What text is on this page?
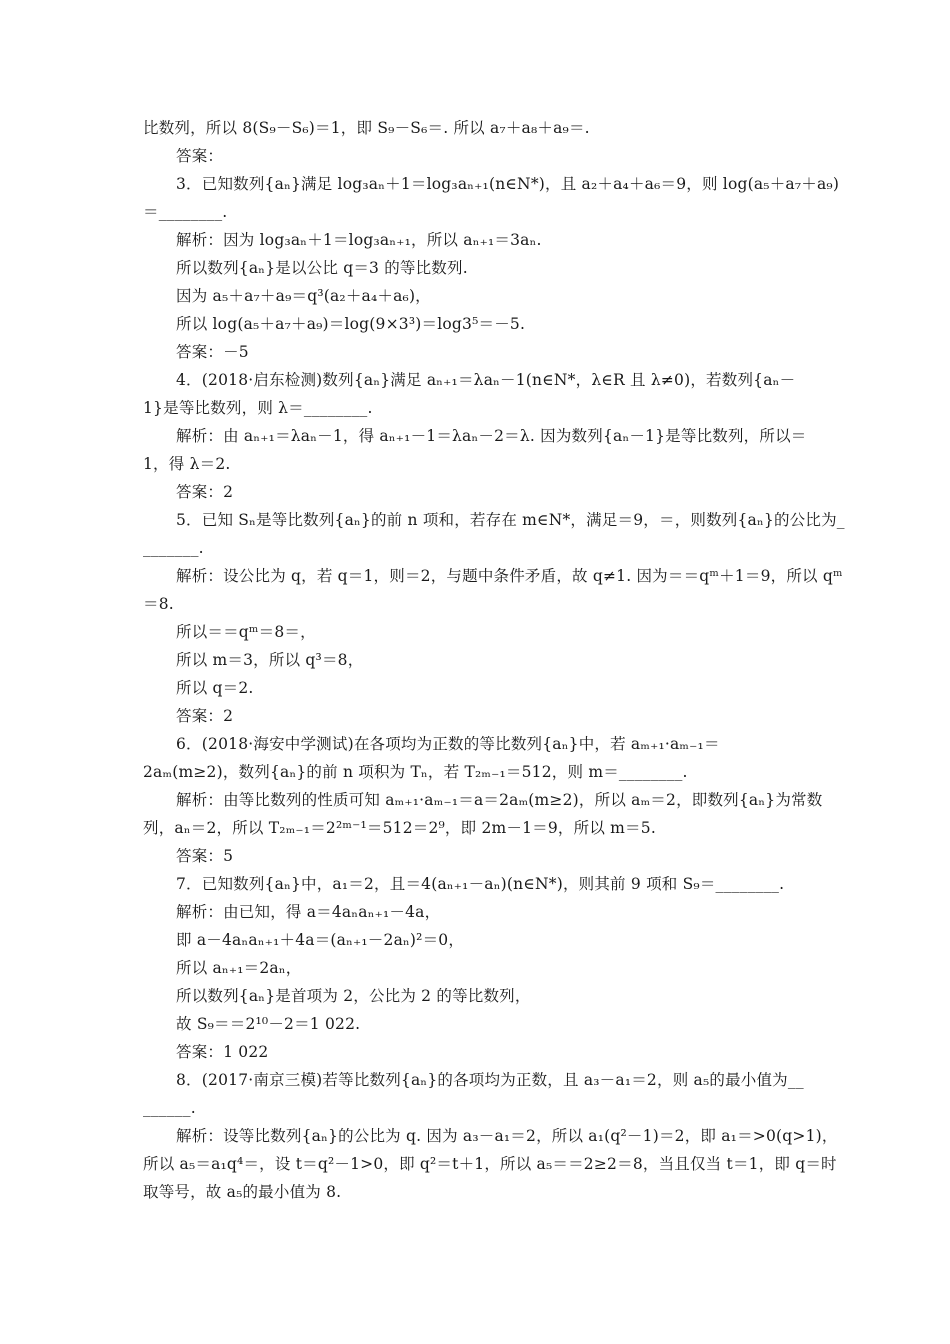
比数列，所以 8(S₉－S₆)＝1，即 S₉－S₆＝. 所以 a₇＋a₈＋a₉＝.
答案：
3．已知数列{aₙ}满足 log₃aₙ＋1＝log₃aₙ₊₁(n∈N*)，且 a₂＋a₄＋a₆＝9，则 log(a₅＋a₇＋a₉)
＝________.
解析：因为 log₃aₙ＋1＝log₃aₙ₊₁，所以 aₙ₊₁＝3aₙ.
所以数列{aₙ}是以公比 q＝3 的等比数列.
因为 a₅＋a₇＋a₉＝q³(a₂＋a₄＋a₆)，
所以 log(a₅＋a₇＋a₉)＝log(9×3³)＝log3⁵＝－5.
答案：－5
4．(2018·启东检测)数列{aₙ}满足 aₙ₊₁＝λaₙ－1(n∈N*，λ∈R 且 λ≠0)，若数列{aₙ－
1}是等比数列，则 λ＝________.
解析：由 aₙ₊₁＝λaₙ－1，得 aₙ₊₁－1＝λaₙ－2＝λ. 因为数列{aₙ－1}是等比数列，所以＝
1，得 λ＝2.
答案：2
5．已知 Sₙ是等比数列{aₙ}的前 n 项和，若存在 m∈N*，满足＝9，＝，则数列{aₙ}的公比为_
_______.
解析：设公比为 q，若 q＝1，则＝2，与题中条件矛盾，故 q≠1. 因为＝＝qᵐ＋1＝9，所以 qᵐ
＝8.
所以＝＝qᵐ＝8＝，
所以 m＝3，所以 q³＝8，
所以 q＝2.
答案：2
6．(2018·海安中学测试)在各项均为正数的等比数列{aₙ}中，若 aₘ₊₁·aₘ₋₁＝
2aₘ(m≥2)，数列{aₙ}的前 n 项积为 Tₙ，若 T₂ₘ₋₁＝512，则 m＝________.
解析：由等比数列的性质可知 aₘ₊₁·aₘ₋₁＝a＝2aₘ(m≥2)，所以 aₘ＝2，即数列{aₙ}为常数
列，aₙ＝2，所以 T₂ₘ₋₁＝2²ᵐ⁻¹＝512＝2⁹，即 2m－1＝9，所以 m＝5.
答案：5
7．已知数列{aₙ}中，a₁＝2，且＝4(aₙ₊₁－aₙ)(n∈N*)，则其前 9 项和 S₉＝________.
解析：由已知，得 a＝4aₙaₙ₊₁－4a，
即 a－4aₙaₙ₊₁＋4a＝(aₙ₊₁－2aₙ)²＝0，
所以 aₙ₊₁＝2aₙ，
所以数列{aₙ}是首项为 2，公比为 2 的等比数列，
故 S₉＝＝2¹⁰－2＝1 022.
答案：1 022
8．(2017·南京三模)若等比数列{aₙ}的各项均为正数，且 a₃－a₁＝2，则 a₅的最小值为__
______.
解析：设等比数列{aₙ}的公比为 q. 因为 a₃－a₁＝2，所以 a₁(q²－1)＝2，即 a₁＝>0(q>1)，
所以 a₅＝a₁q⁴＝，设 t＝q²－1>0，即 q²＝t＋1，所以 a₅＝＝2≥2＝8，当且仅当 t＝1，即 q＝时
取等号，故 a₅的最小值为 8.
